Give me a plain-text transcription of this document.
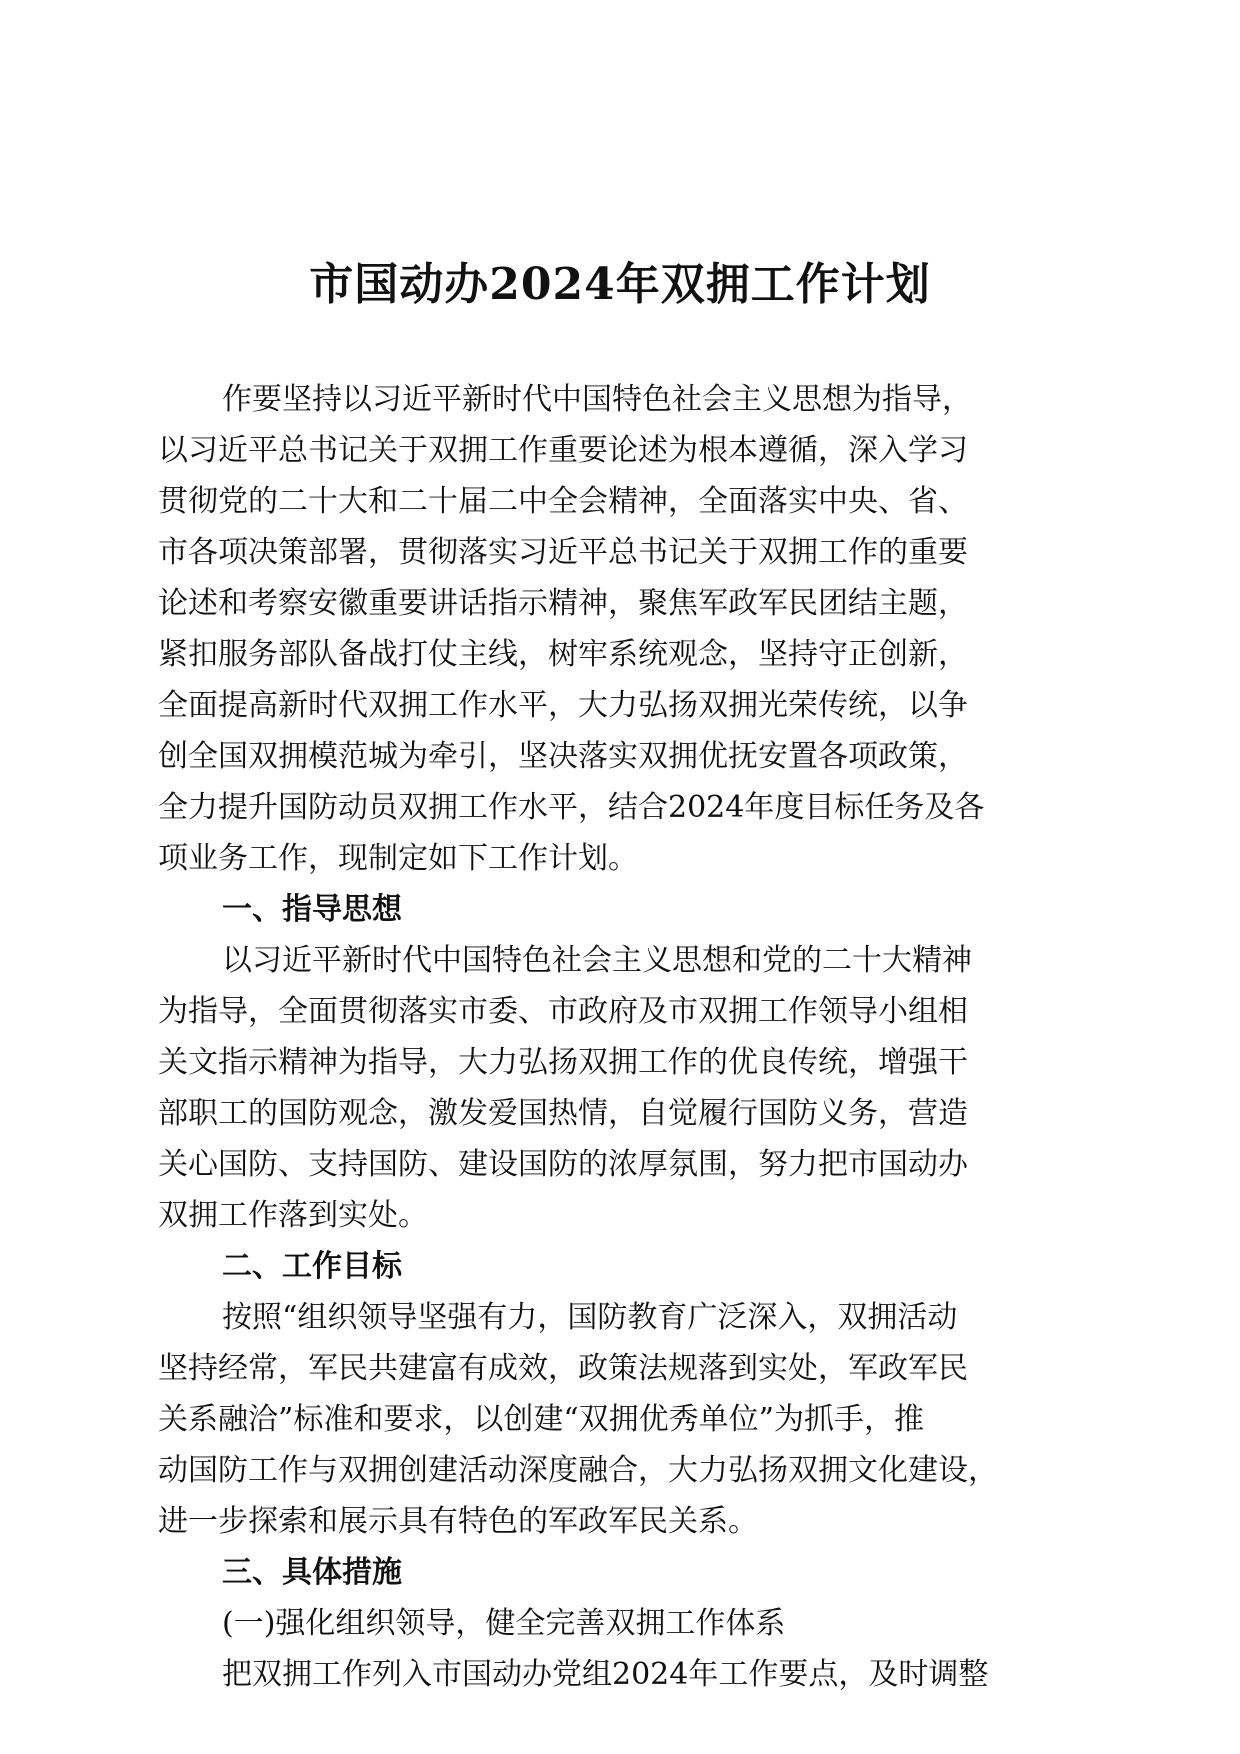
市国动办2024年双拥工作计划
作要坚持以习近平新时代中国特色社会主义思想为指导，
以习近平总书记关于双拥工作重要论述为根本遵循，深入学习
贯彻党的二十大和二十届二中全会精神，全面落实中央、省、
市各项决策部署，贯彻落实习近平总书记关于双拥工作的重要
论述和考察安徽重要讲话指示精神，聚焦军政军民团结主题，
紧扣服务部队备战打仗主线，树牢系统观念，坚持守正创新，
全面提高新时代双拥工作水平，大力弘扬双拥光荣传统，以争
创全国双拥模范城为牵引，坚决落实双拥优抚安置各项政策，
全力提升国防动员双拥工作水平，结合2024年度目标任务及各
项业务工作，现制定如下工作计划。
一、指导思想
以习近平新时代中国特色社会主义思想和党的二十大精神
为指导，全面贯彻落实市委、市政府及市双拥工作领导小组相
关文指示精神为指导，大力弘扬双拥工作的优良传统，增强干
部职工的国防观念，激发爱国热情，自觉履行国防义务，营造
关心国防、支持国防、建设国防的浓厚氛围，努力把市国动办
双拥工作落到实处。
二、工作目标
按照“组织领导坚强有力，国防教育广泛深入，双拥活动
坚持经常，军民共建富有成效，政策法规落到实处，军政军民
关系融洽”标准和要求，以创建“双拥优秀单位”为抓手，推
动国防工作与双拥创建活动深度融合，大力弘扬双拥文化建设，
进一步探索和展示具有特色的军政军民关系。
三、具体措施
(一)强化组织领导，健全完善双拥工作体系
把双拥工作列入市国动办党组2024年工作要点，及时调整
